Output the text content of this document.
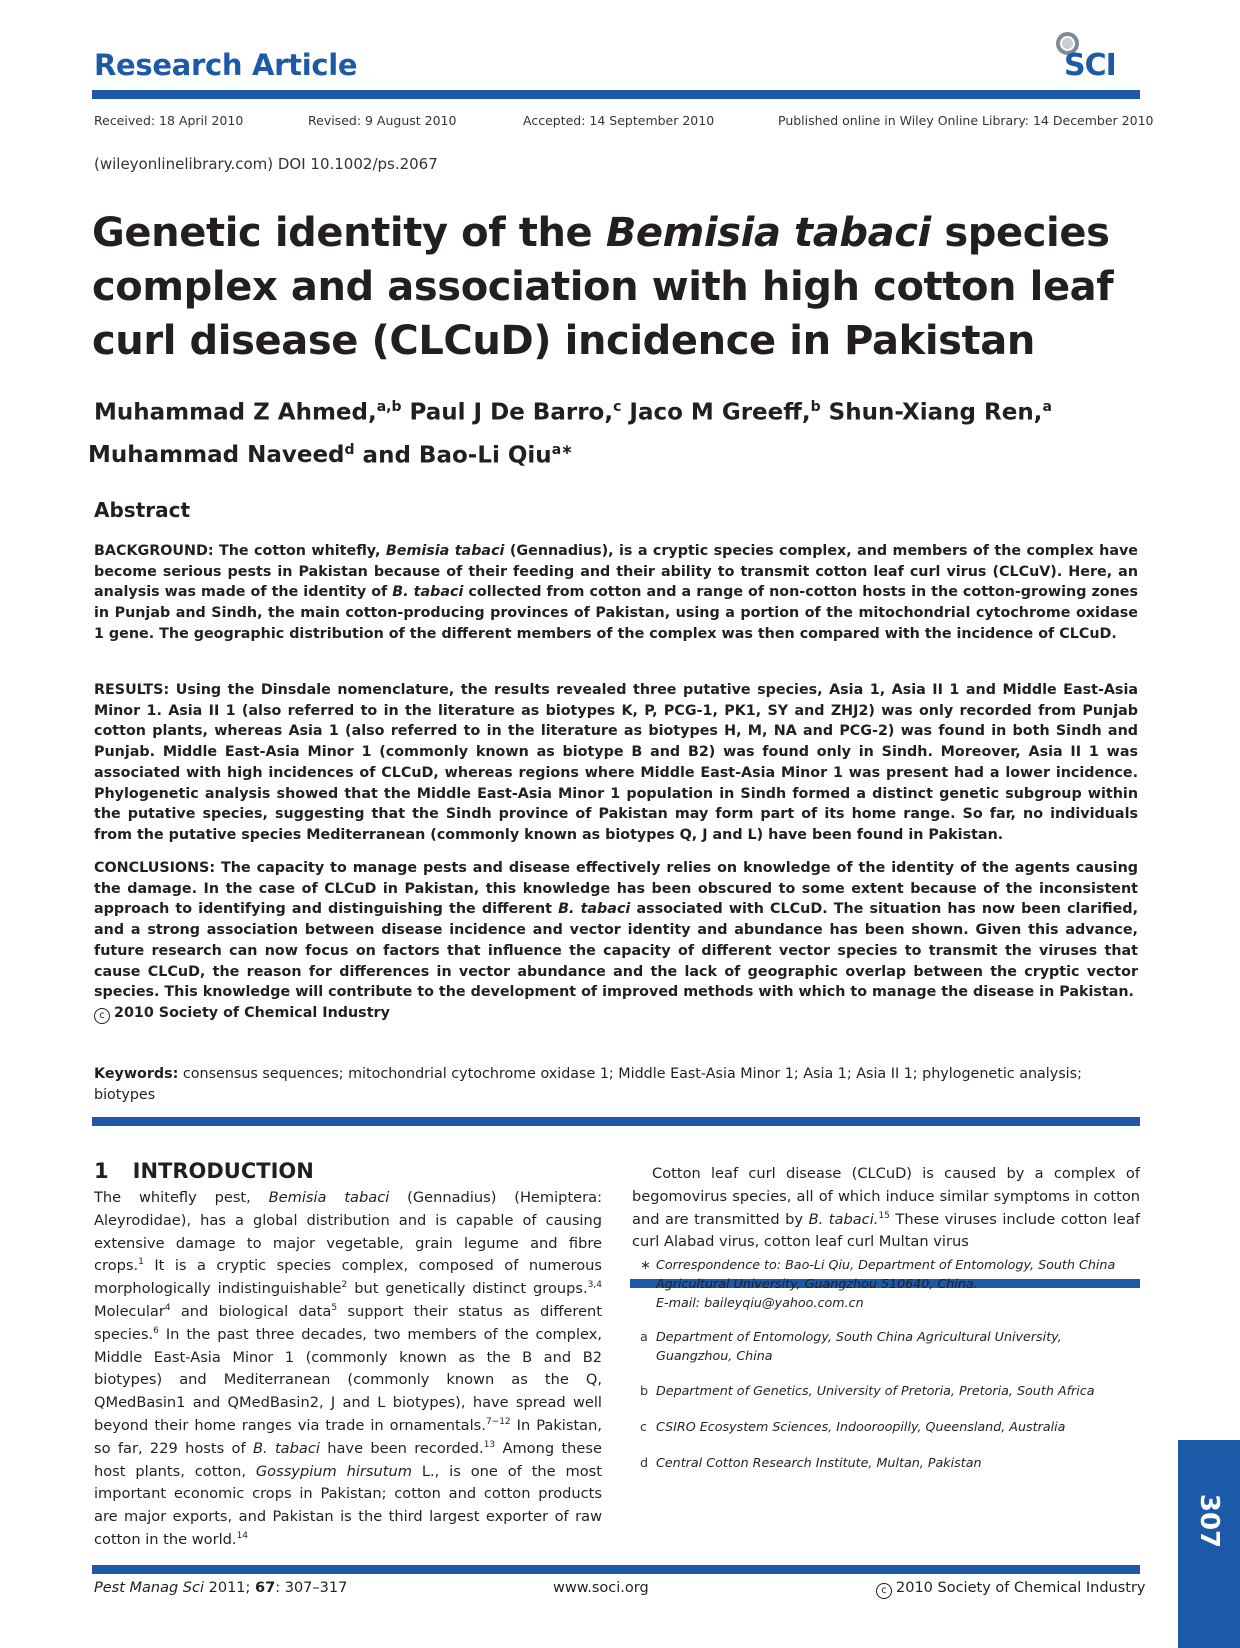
Research Article	SCI
Received: 18 April 2010	Revised: 9 August 2010	Accepted: 14 September 2010	Published online in Wiley Online Library: 14 December 2010
(wileyonlinelibrary.com) DOI 10.1002/ps.2067
Genetic identity of the Bemisia tabaci species complex and association with high cotton leaf curl disease (CLCuD) incidence in Pakistan
Muhammad Z Ahmed,$^{a,b}$ Paul J De Barro,$^c$ Jaco M Greeff,$^b$ Shun-Xiang Ren,$^a$
Muhammad Naveed$^d$ and Bao-Li Qiu$^{a∗}$
Abstract
BACKGROUND: The cotton whitefly, Bemisia tabaci (Gennadius), is a cryptic species complex, and members of the complex have become serious pests in Pakistan because of their feeding and their ability to transmit cotton leaf curl virus (CLCuV). Here, an analysis was made of the identity of B. tabaci collected from cotton and a range of non-cotton hosts in the cotton-growing zones in Punjab and Sindh, the main cotton-producing provinces of Pakistan, using a portion of the mitochondrial cytochrome oxidase 1 gene. The geographic distribution of the different members of the complex was then compared with the incidence of CLCuD.
RESULTS: Using the Dinsdale nomenclature, the results revealed three putative species, Asia 1, Asia II 1 and Middle East-Asia Minor 1. Asia II 1 (also referred to in the literature as biotypes K, P, PCG-1, PK1, SY and ZHJ2) was only recorded from Punjab cotton plants, whereas Asia 1 (also referred to in the literature as biotypes H, M, NA and PCG-2) was found in both Sindh and Punjab. Middle East-Asia Minor 1 (commonly known as biotype B and B2) was found only in Sindh. Moreover, Asia II 1 was associated with high incidences of CLCuD, whereas regions where Middle East-Asia Minor 1 was present had a lower incidence. Phylogenetic analysis showed that the Middle East-Asia Minor 1 population in Sindh formed a distinct genetic subgroup within the putative species, suggesting that the Sindh province of Pakistan may form part of its home range. So far, no individuals from the putative species Mediterranean (commonly known as biotypes Q, J and L) have been found in Pakistan.
CONCLUSIONS: The capacity to manage pests and disease effectively relies on knowledge of the identity of the agents causing the damage. In the case of CLCuD in Pakistan, this knowledge has been obscured to some extent because of the inconsistent approach to identifying and distinguishing the different B. tabaci associated with CLCuD. The situation has now been clarified, and a strong association between disease incidence and vector identity and abundance has been shown. Given this advance, future research can now focus on factors that influence the capacity of different vector species to transmit the viruses that cause CLCuD, the reason for differences in vector abundance and the lack of geographic overlap between the cryptic vector species. This knowledge will contribute to the development of improved methods with which to manage the disease in Pakistan.
c 2010 Society of Chemical Industry
Keywords: consensus sequences; mitochondrial cytochrome oxidase 1; Middle East-Asia Minor 1; Asia 1; Asia II 1; phylogenetic analysis; biotypes
1 INTRODUCTION
The whitefly pest, Bemisia tabaci (Gennadius) (Hemiptera: Aleyrodidae), has a global distribution and is capable of causing extensive damage to major vegetable, grain legume and fibre crops.$^1$ It is a cryptic species complex, composed of numerous morphologically indistinguishable$^2$ but genetically distinct groups.$^{3,4}$ Molecular$^4$ and biological data$^5$ support their status as different species.$^6$ In the past three decades, two members of the complex, Middle East-Asia Minor 1 (commonly known as the B and B2 biotypes) and Mediterranean (commonly known as the Q, QMedBasin1 and QMedBasin2, J and L biotypes), have spread well beyond their home ranges via trade in ornamentals.$^{7-12}$ In Pakistan, so far, 229 hosts of B. tabaci have been recorded.$^{13}$ Among these host plants, cotton, Gossypium hirsutum L., is one of the most important economic crops in Pakistan; cotton and cotton products are major exports, and Pakistan is the third largest exporter of raw cotton in the world.$^{14}$
Cotton leaf curl disease (CLCuD) is caused by a complex of begomovirus species, all of which induce similar symptoms in cotton and are transmitted by B. tabaci.$^{15}$ These viruses include cotton leaf curl Alabad virus, cotton leaf curl Multan virus
∗ Correspondence to: Bao-Li Qiu, Department of Entomology, South China Agricultural University, Guangzhou 510640, China.
E-mail: baileyqiu@yahoo.com.cn
a Department of Entomology, South China Agricultural University, Guangzhou, China
b Department of Genetics, University of Pretoria, Pretoria, South Africa
c CSIRO Ecosystem Sciences, Indooroopilly, Queensland, Australia
d Central Cotton Research Institute, Multan, Pakistan
307
Pest Manag Sci 2011; 67: 307–317	www.soci.org	c 2010 Society of Chemical Industry
